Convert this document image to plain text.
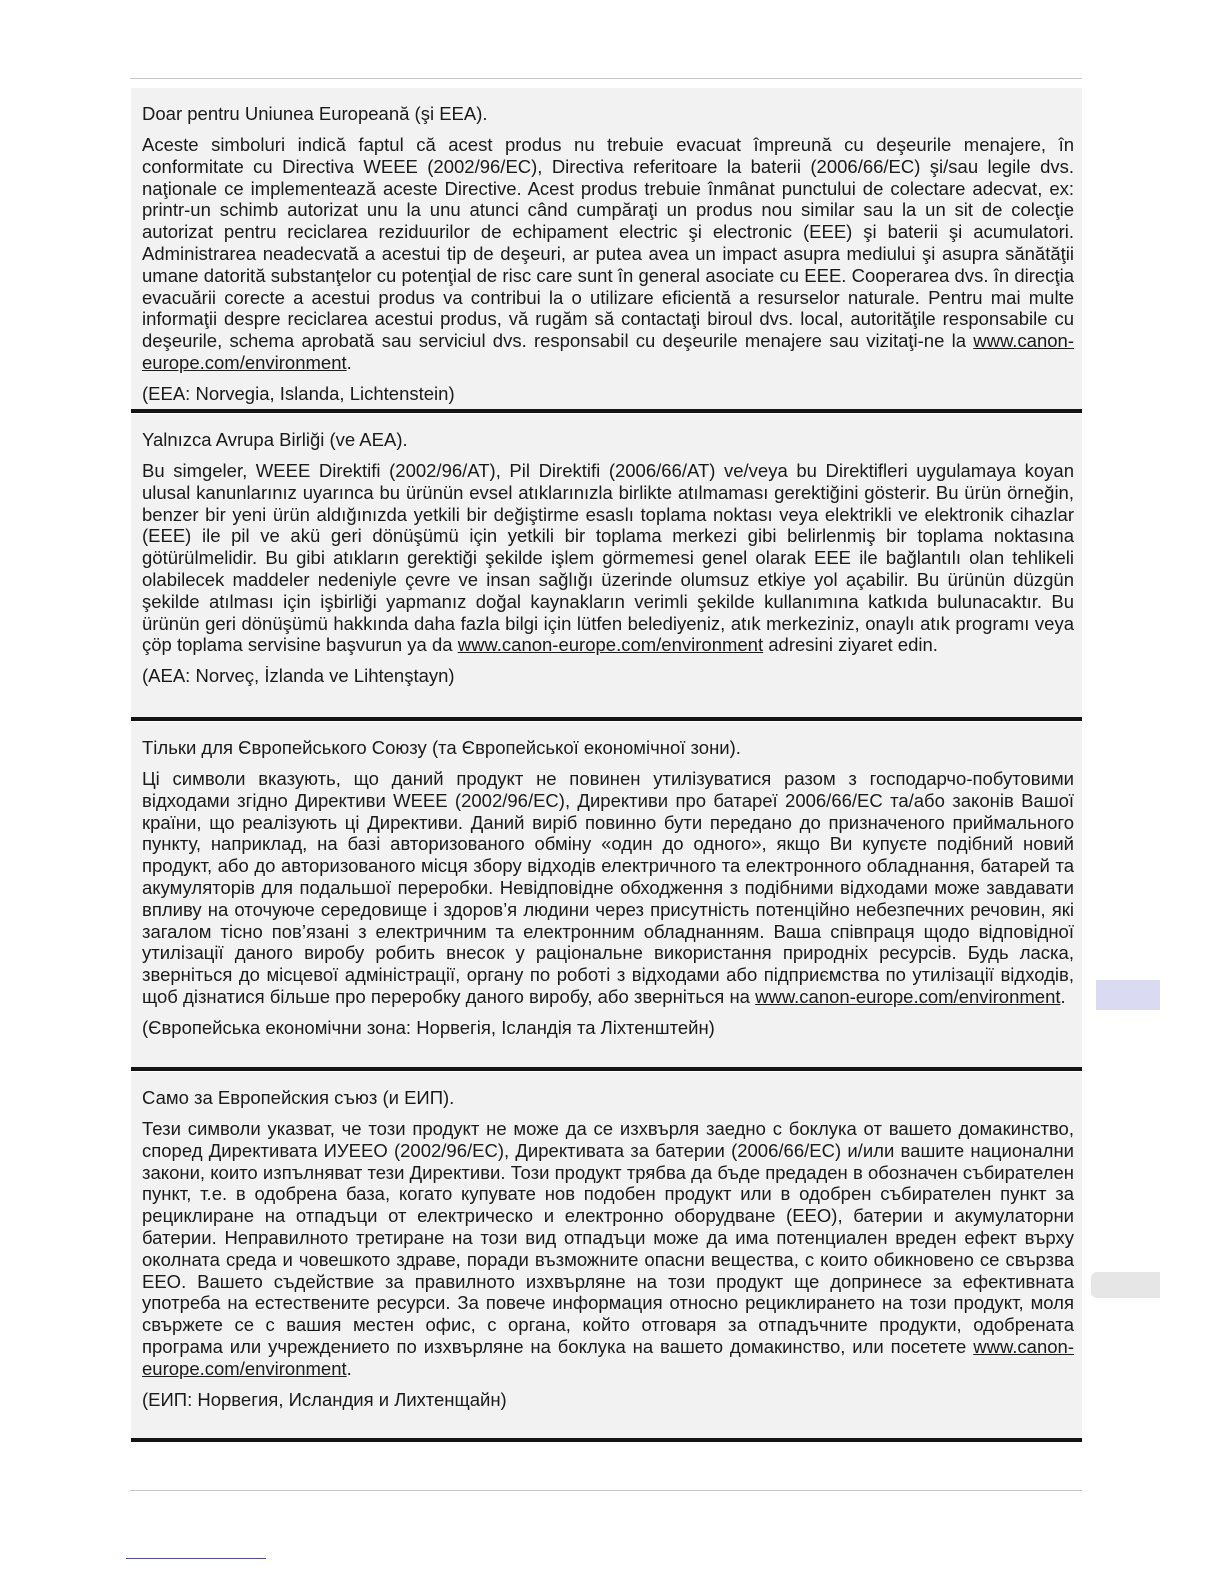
Doar pentru Uniunea Europeană (şi EEA).

Aceste simboluri indică faptul că acest produs nu trebuie evacuat împreună cu deşeurile menajere, în conformitate cu Directiva WEEE (2002/96/EC), Directiva referitoare la baterii (2006/66/EC) şi/sau legile dvs. naţionale ce implementează aceste Directive. Acest produs trebuie înmânat punctului de colectare adecvat, ex: printr-un schimb autorizat unu la unu atunci când cumpăraţi un produs nou similar sau la un sit de colecţie autorizat pentru reciclarea reziduurilor de echipament electric şi electronic (EEE) şi baterii şi acumulatori. Administrarea neadecvată a acestui tip de deşeuri, ar putea avea un impact asupra mediului şi asupra sănătăţii umane datorită substanţelor cu potenţial de risc care sunt în general asociate cu EEE. Cooperarea dvs. în direcţia evacuării corecte a acestui produs va contribui la o utilizare eficientă a resurselor naturale. Pentru mai multe informaţii despre reciclarea acestui produs, vă rugăm să contactaţi biroul dvs. local, autorităţile responsabile cu deşeurile, schema aprobată sau serviciul dvs. responsabil cu deşeurile menajere sau vizitaţi-ne la www.canon-europe.com/environment.

(EEA: Norvegia, Islanda, Lichtenstein)

Yalnızca Avrupa Birliği (ve AEA).

Bu simgeler, WEEE Direktifi (2002/96/AT), Pil Direktifi (2006/66/AT) ve/veya bu Direktifleri uygulamaya koyan ulusal kanunlarınız uyarınca bu ürünün evsel atıklarınızla birlikte atılmaması gerektiğini gösterir. Bu ürün örneğin, benzer bir yeni ürün aldığınızda yetkili bir değiştirme esaslı toplama noktası veya elektrikli ve elektronik cihazlar (EEE) ile pil ve akü geri dönüşümü için yetkili bir toplama merkezi gibi belirlenmiş bir toplama noktasına götürülmelidir. Bu gibi atıkların gerektiği şekilde işlem görmemesi genel olarak EEE ile bağlantılı olan tehlikeli olabilecek maddeler nedeniyle çevre ve insan sağlığı üzerinde olumsuz etkiye yol açabilir. Bu ürünün düzgün şekilde atılması için işbirliği yapmanız doğal kaynakların verimli şekilde kullanımına katkıda bulunacaktır. Bu ürünün geri dönüşümü hakkında daha fazla bilgi için lütfen belediyeniz, atık merkeziniz, onaylı atık programı veya çöp toplama servisine başvurun ya da www.canon-europe.com/environment adresini ziyaret edin.

(AEA: Norveç, İzlanda ve Lihtenştayn)

Тільки для Європейського Союзу (та Європейської економічної зони).

Ці символи вказують, що даний продукт не повинен утилізуватися разом з господарчо-побутовими відходами згідно Директиви WEEE (2002/96/EC), Директиви про батареї 2006/66/EC та/або законів Вашої країни, що реалізують ці Директиви. Даний виріб повинно бути передано до призначеного приймального пункту, наприклад, на базі авторизованого обміну «один до одного», якщо Ви купуєте подібний новий продукт, або до авторизованого місця збору відходів електричного та електронного обладнання, батарей та акумуляторів для подальшої переробки. Невідповідне обходження з подібними відходами може завдавати впливу на оточуюче середовище і здоров’я людини через присутність потенційно небезпечних речовин, які загалом тісно пов’язані з електричним та електронним обладнанням. Ваша співпраця щодо відповідної утилізації даного виробу робить внесок у раціональне використання природніх ресурсів. Будь ласка, зверніться до місцевої адміністрації, органу по роботі з відходами або підприємства по утилізації відходів, щоб дізнатися більше про переробку даного виробу, або зверніться на www.canon-europe.com/environment.

(Європейська економічни зона: Норвегія, Ісландія та Ліхтенштейн)

Само за Европейския съюз (и ЕИП).

Тези символи указват, че този продукт не може да се изхвърля заедно с боклука от вашето домакинство, според Директивата ИУЕЕО (2002/96/EC), Директивата за батерии (2006/66/EC) и/или вашите национални закони, които изпълняват тези Директиви. Този продукт трябва да бъде предаден в обозначен събирателен пункт, т.е. в одобрена база, когато купувате нов подобен продукт или в одобрен събирателен пункт за рециклиране на отпадъци от електрическо и електронно оборудване (ЕЕО), батерии и акумулаторни батерии. Неправилното третиране на този вид отпадъци може да има потенциален вреден ефект върху околната среда и човешкото здраве, поради възможните опасни вещества, с които обикновено се свързва ЕЕО. Вашето съдействие за правилното изхвърляне на този продукт ще допринесе за ефективната употреба на естествените ресурси. За повече информация относно рециклирането на този продукт, моля свържете се с вашия местен офис, с органа, който отговаря за отпадъчните продукти, одобрената програма или учреждението по изхвърляне на боклука на вашето домакинство, или посетете www.canon-europe.com/environment.

(ЕИП: Норвегия, Исландия и Лихтенщайн)
